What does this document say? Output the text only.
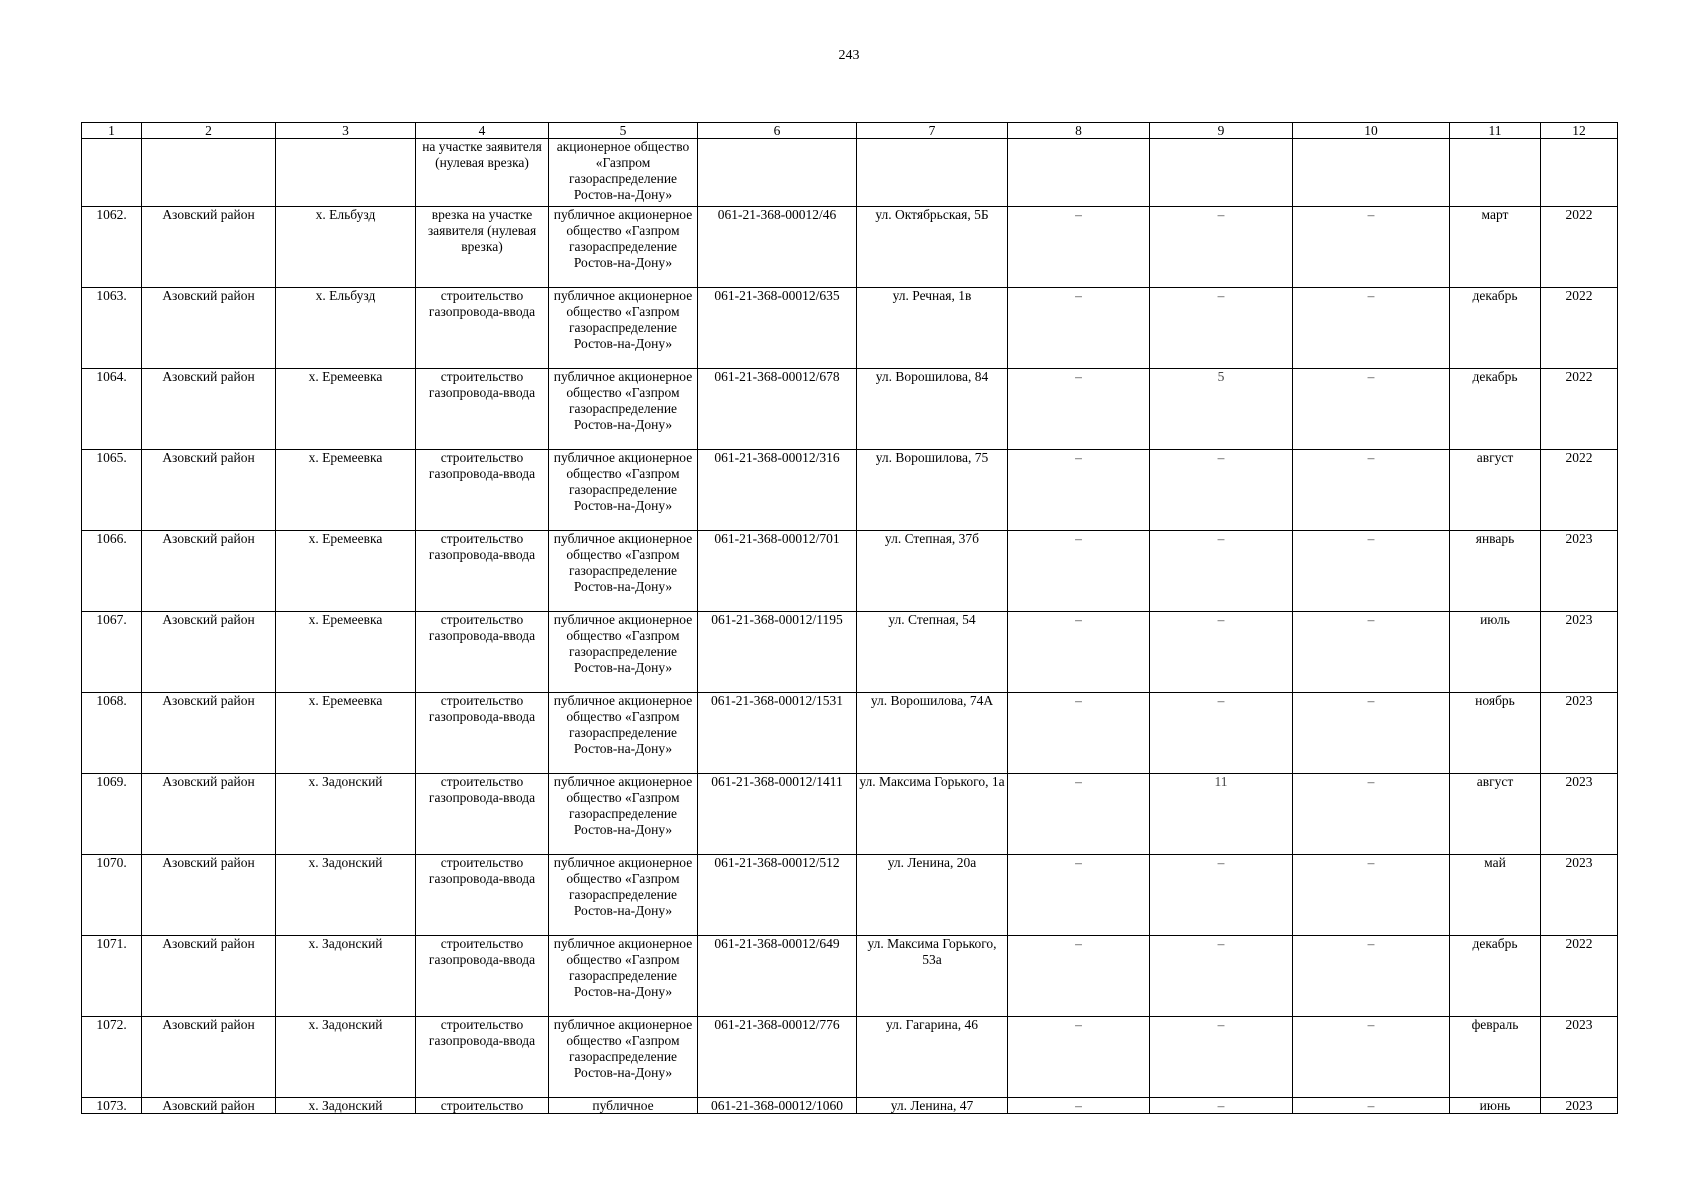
243
1	2	3	4	5	6	7	8	9	10	11	12
			на участке заявителя (нулевая врезка)	акционерное общество «Газпром газораспределение Ростов-на-Дону»							
1062.	Азовский район	х. Ельбузд	врезка на участке заявителя (нулевая врезка)	публичное акционерное общество «Газпром газораспределение Ростов-на-Дону»	061-21-368-00012/46	ул. Октябрьская, 5Б	–	–	–	март	2022
1063.	Азовский район	х. Ельбузд	строительство газопровода-ввода	публичное акционерное общество «Газпром газораспределение Ростов-на-Дону»	061-21-368-00012/635	ул. Речная, 1в	–	–	–	декабрь	2022
1064.	Азовский район	х. Еремеевка	строительство газопровода-ввода	публичное акционерное общество «Газпром газораспределение Ростов-на-Дону»	061-21-368-00012/678	ул. Ворошилова, 84	–	5	–	декабрь	2022
1065.	Азовский район	х. Еремеевка	строительство газопровода-ввода	публичное акционерное общество «Газпром газораспределение Ростов-на-Дону»	061-21-368-00012/316	ул. Ворошилова, 75	–	–	–	август	2022
1066.	Азовский район	х. Еремеевка	строительство газопровода-ввода	публичное акционерное общество «Газпром газораспределение Ростов-на-Дону»	061-21-368-00012/701	ул. Степная, 37б	–	–	–	январь	2023
1067.	Азовский район	х. Еремеевка	строительство газопровода-ввода	публичное акционерное общество «Газпром газораспределение Ростов-на-Дону»	061-21-368-00012/1195	ул. Степная, 54	–	–	–	июль	2023
1068.	Азовский район	х. Еремеевка	строительство газопровода-ввода	публичное акционерное общество «Газпром газораспределение Ростов-на-Дону»	061-21-368-00012/1531	ул. Ворошилова, 74А	–	–	–	ноябрь	2023
1069.	Азовский район	х. Задонский	строительство газопровода-ввода	публичное акционерное общество «Газпром газораспределение Ростов-на-Дону»	061-21-368-00012/1411	ул. Максима Горького, 1а	–	11	–	август	2023
1070.	Азовский район	х. Задонский	строительство газопровода-ввода	публичное акционерное общество «Газпром газораспределение Ростов-на-Дону»	061-21-368-00012/512	ул. Ленина, 20а	–	–	–	май	2023
1071.	Азовский район	х. Задонский	строительство газопровода-ввода	публичное акционерное общество «Газпром газораспределение Ростов-на-Дону»	061-21-368-00012/649	ул. Максима Горького, 53а	–	–	–	декабрь	2022
1072.	Азовский район	х. Задонский	строительство газопровода-ввода	публичное акционерное общество «Газпром газораспределение Ростов-на-Дону»	061-21-368-00012/776	ул. Гагарина, 46	–	–	–	февраль	2023
1073.	Азовский район	х. Задонский	строительство	публичное	061-21-368-00012/1060	ул. Ленина, 47	–	–	–	июнь	2023
